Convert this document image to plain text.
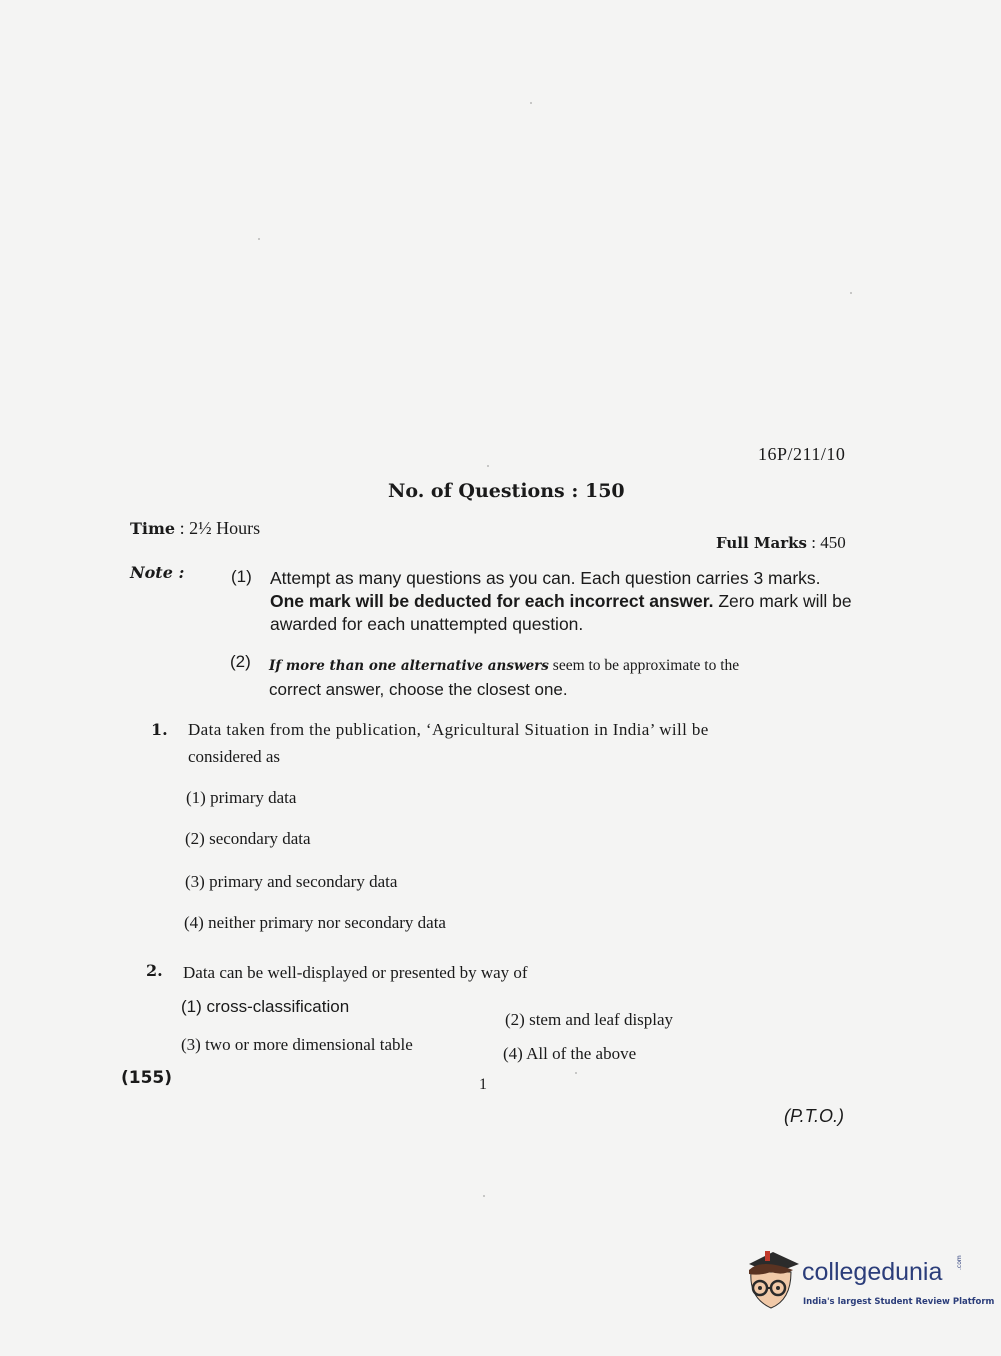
16P/211/10
No. of Questions : 150
Time : 2½ Hours
Full Marks : 450
Note :	(1) Attempt as many questions as you can. Each question carries 3 marks.
One mark will be deducted for each incorrect answer. Zero mark will be
awarded for each unattempted question.
(2) If more than one alternative answers seem to be approximate to the
correct answer, choose the closest one.
1. Data taken from the publication, ‘Agricultural Situation in India’ will be
considered as
(1) primary data
(2) secondary data
(3) primary and secondary data
(4) neither primary nor secondary data
2. Data can be well-displayed or presented by way of
(1) cross-classification
(2) stem and leaf display
(3) two or more dimensional table	(4) All of the above
(155)	1
(P.T.O.)
collegedunia .com
India's largest Student Review Platform
